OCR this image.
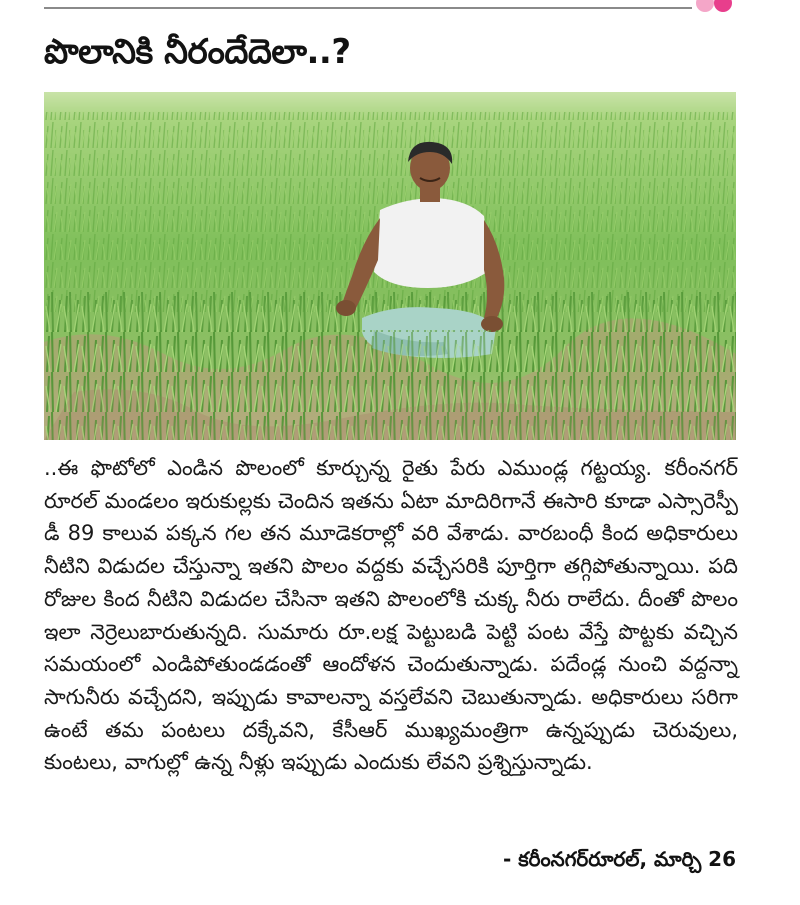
పొలానికి నీరందేదెలా..?

..ఈ ఫొటోలో ఎండిన పొలంలో కూర్చున్న రైతు పేరు ఎముండ్ల గట్టయ్య. కరీంనగర్ రూరల్ మండలం ఇరుకుల్లకు చెందిన ఇతను ఏటా మాదిరిగానే ఈసారి కూడా ఎస్సారెస్పీ డీ 89 కాలువ పక్కన గల తన మూడెకరాల్లో వరి వేశాడు. వారబంధీ కింద అధికారులు నీటిని విడుదల చేస్తున్నా ఇతని పొలం వద్దకు వచ్చేసరికి పూర్తిగా తగ్గిపోతున్నాయి. పది రోజుల కింద నీటిని విడుదల చేసినా ఇతని పొలంలోకి చుక్క నీరు రాలేదు. దీంతో పొలం ఇలా నెర్రెలుబారుతున్నది. సుమారు రూ.లక్ష పెట్టుబడి పెట్టి పంట వేస్తే పొట్టకు వచ్చిన సమయంలో ఎండిపోతుండడంతో ఆందోళన చెందుతున్నాడు. పదేండ్ల నుంచి వద్దన్నా సాగునీరు వచ్చేదని, ఇప్పుడు కావాలన్నా వస్తలేవని చెబుతున్నాడు. అధికారులు సరిగా ఉంటే తమ పంటలు దక్కేవని, కేసీఆర్ ముఖ్యమంత్రిగా ఉన్నప్పుడు చెరువులు, కుంటలు, వాగుల్లో ఉన్న నీళ్లు ఇప్పుడు ఎందుకు లేవని ప్రశ్నిస్తున్నాడు.

- కరీంనగర్‌రూరల్, మార్చి 26
